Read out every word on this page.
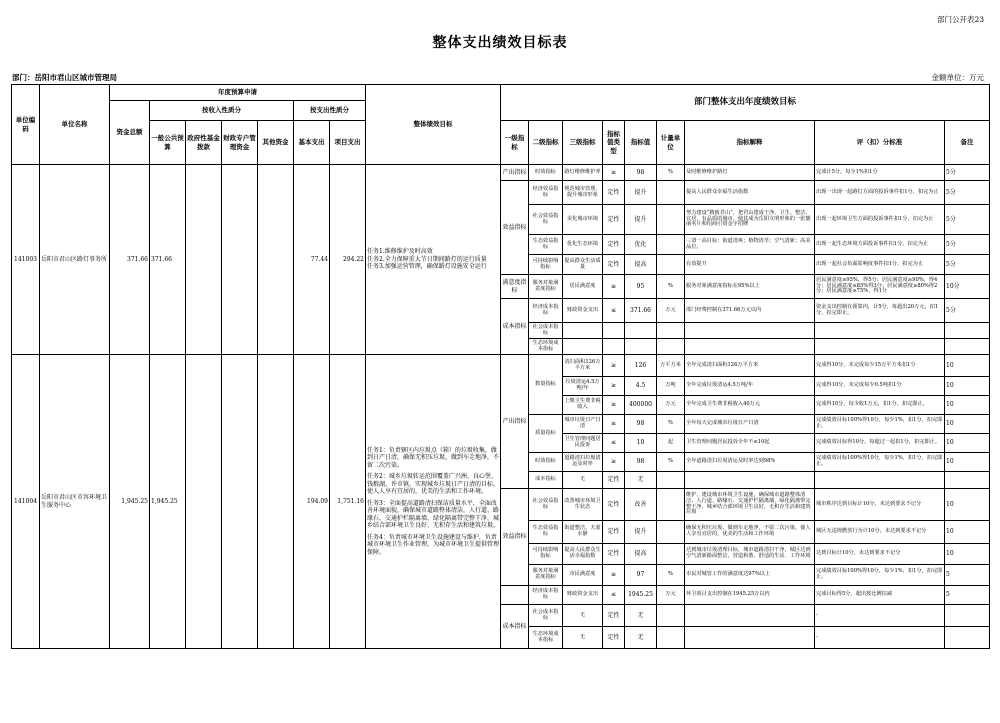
部门公开表23
整体支出绩效目标表
部门：岳阳市君山区城市管理局	金额单位：万元
单位编码	单位名称	年度预算申请							整体绩效目标	部门整体支出年度绩效目标								
		资金总额	按收入性质分				按支出性质分											
			一般公共预算	政府性基金拨款	财政专户管理资金	其他资金	基本支出	项目支出		一级指标	二级指标	三级指标	指标值类型	指标值	计量单位	指标解释	评（扣）分标准	备注
141003	岳阳市君山区路灯事务所	371.66	371.66				77.44	294.22	任务1.维修维护及时高效
任务2.全力保障重大节日期间路灯的运行质量
任务3.加强运营管理，确保路灯设施安全运行	产出指标	时效指标	路灯维修维护率	≥	98	%	及时维修维护路灯	完成计5分，每少1%扣1分	5分
										效益指标	经济效益指标	规范城市管理，提升城市形象	定性	提升		提高人民群众幸福生活指数	出现一出现一起路灯方面的投诉事件扣1分，扣完为止	5分
											社会效益指标	美化城市环境	定性	提升		努力建设“精致君山”，把君山建成干净、卫生、整洁、宜居、有品质的城市，使其成为岳阳文明形象的一张靓丽名片和招商引资金字招牌	出现一起环境卫生方面的投诉事件扣1分，扣完为止	5分
											生态效益指标	优化生态环境	定性	优化		三清一高目标：街道清爽；植物清萃；空气清新；高美品位。	出现一起生态环境方面投诉事件扣1分，扣完为止	5分
											可持续影响指标	提高群众生活质量	定性	提高		有效提升	出现一起社会负面影响度事件扣1分，扣完为止	5分
										满意度指标	服务对象满意度指标	居民满意度	≥	95	%	服务对象满意度指标在95%以上	居民满意度≥95%，得5分；居民满意度≥90%，得4分；居民满意度≥85%得3分；居民满意度≥80%得2分；居民满意度≥75%，得1分	10分
										成本指标	经济成本指标	财政资金支出	≤	371.66	万元	部门经费控制在371.66万元以内	资金支出控制在预算内，计5分，每超出20万元，扣1分，扣完即止。	5分
											社会成本指标							
											生态环境成本指标							
141004	岳阳市君山区市容环境卫生服务中心	1,945.25	1,945.25				194.09	1,751.16	任务1：负责辖区内垃圾点（箱）的垃圾收集，做到日产日清，确保无积压垃圾，做到车走地净，不留二次污染。
任务2：城乡垃圾转运范围覆盖广兴洲、良心堡、钱粮湖、许市镇，实现城乡垃圾日产日清的目标，使人人享有宜居的，优美的生活和工作环境。
任务3：全面提高道路清扫保洁质量水平，全面改善环境面貌，确保城市道路整体清洁，人行道、路缘石、交通护栏隔离墙、绿化隔离带完整干净，城乡结合部环境卫生良好、无积存生活和建筑垃圾。
任务4：负责城市环境卫生设施建设与维护，负责城市环境卫生作业管理，为城市环境卫生提供管理保障。	产出指标	数量指标	清扫面积126万平方米	≥	126	万平方米	全年完成清扫面积126万平方米	完成得10分，未完成每少15万平方米扣1分	10
												垃圾清运4.5万吨/年	≥	4.5	万吨	全年完成垃圾清运4.5万吨/年	完成得10分，未完成每少0.5吨扣1分	10
												上缴卫生费非税收入	≥	400000	万元	全年完成卫生费非税收入40万元	完成得10分，每少收1万元，扣1分，扣完即止。	10
											质量指标	城市垃圾日产日清	≥	98	%	全年每天完成城市垃圾日产日清	完成绩效目标100%得10分，每少1%，扣1分，扣完即止。	10
												卫生管理问题居民投诉	≤	10	起	卫生管理问题居民投诉全年不≤10起	完成绩效目标得10分，每超过一起扣1分，扣完即止。	10
											时效指标	道路清扫垃圾清运及时率	≥	98	%	全年道路清扫垃圾清运及时率达到98%	完成绩效目标100%得10分，每少1%，扣1分，扣完即止。	10
											成本指标	无	定性	无				
										效益指标	社会效益指标	改善城市环境卫生状态	定性	改善		维护、建设城市环境卫生设施，确保城市道路整体清洁，人行道、路缘石、交通护栏隔离墙、绿化隔离带完整干净，城乡结合部环境卫生良好，无积存生活和建筑垃圾	城市秩序达到目标计10分，未达到要求不记分	10
											生态效益指标	街道整洁，天蓝水静	定性	提升		确保无积压垃圾，做到车走地净，不留二次污染，使人人享有宜居的，优美的生活和工作环境	城区无违规燃放行为计10分，未达到要求不记分	10
											可持续影响指标	提高人民群众生活幸福指数	定性	提高		达到城市垃圾清理目标，城市道路清扫干净，城区达到空气清新路面整洁，营造和谐、舒适的生活、工作环境	达到目标计10分，未达到要求不记分	10
											服务对象满意度指标	市民满意度	≥	97	%	市民对城管工作的满意度达97%以上	完成绩效目标100%得10分，每少1%，扣1分，扣完即止。	5
											经济成本指标	财政资金支出	≤	1945.25	万元	环卫项目支出控制在1945.25万以内	完成目标得5分，超出按比例扣减	5
										成本指标	社会成本指标	无	定性	无			-	
											生态环境成本指标	无	定性	无			-	
